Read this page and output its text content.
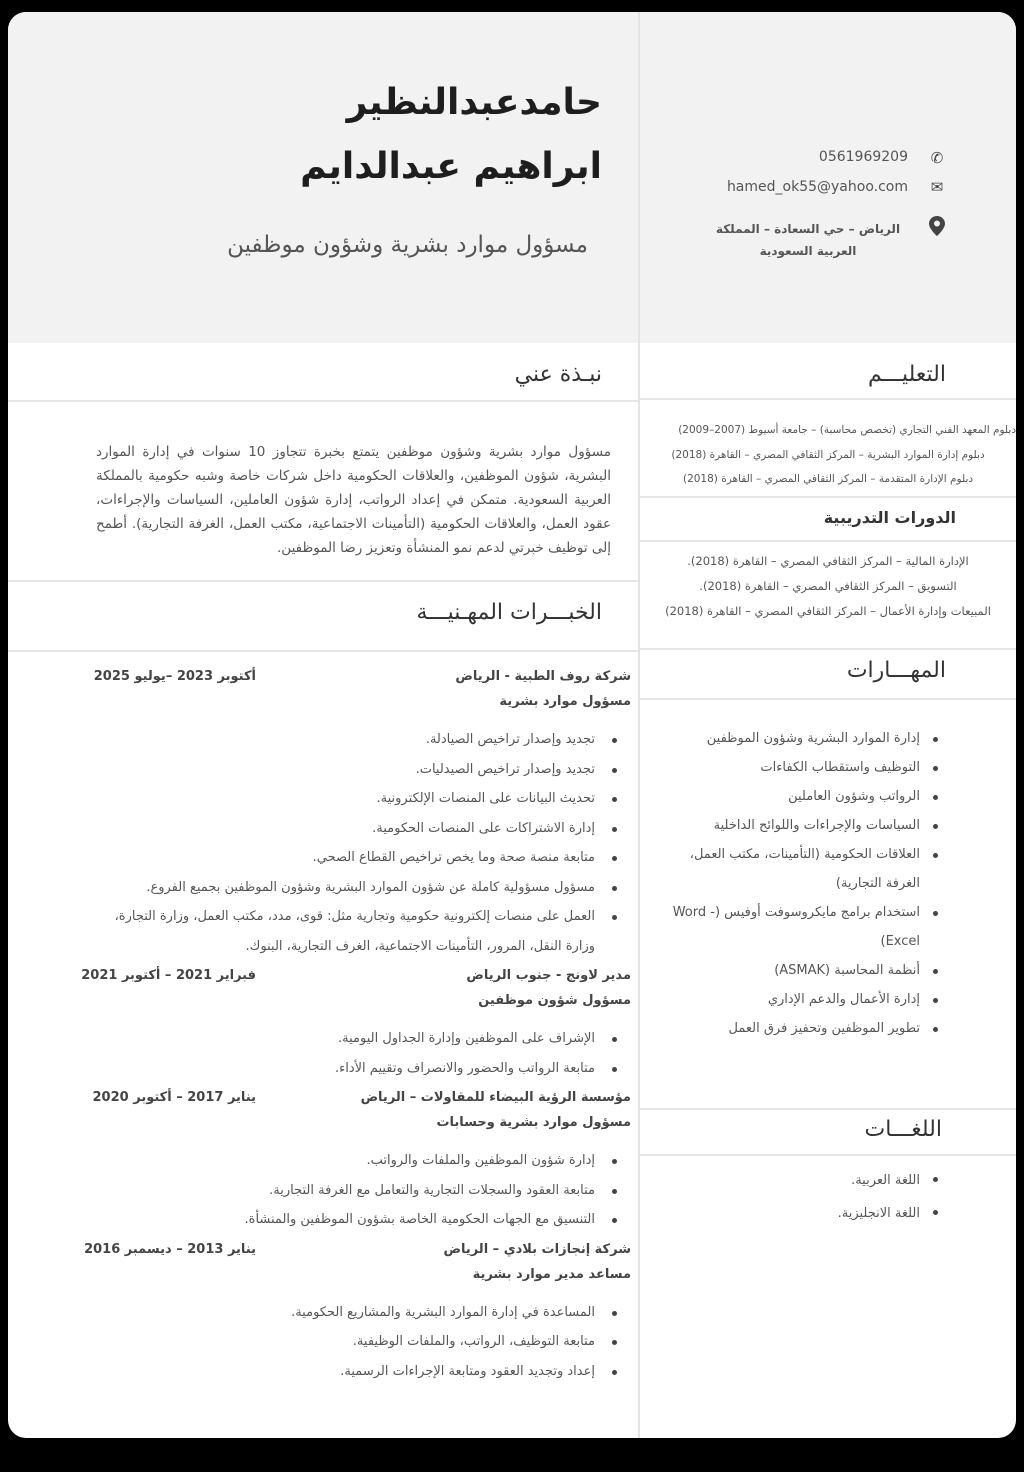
حامدعبدالنظير
ابراهيم عبدالدايم
مسؤول موارد بشرية وشؤون موظفين
0561969209 ✆
hamed_ok55@yahoo.com ✉
الرياض – حي السعادة – المملكة
العربية السعودية
نبـذة عني
مسؤول موارد بشرية وشؤون موظفين يتمتع بخبرة تتجاوز 10 سنوات في إدارة الموارد البشرية، شؤون الموظفين، والعلاقات الحكومية داخل شركات خاصة وشبه حكومية بالمملكة العربية السعودية. متمكن في إعداد الرواتب، إدارة شؤون العاملين، السياسات والإجراءات، عقود العمل، والعلاقات الحكومية (التأمينات الاجتماعية، مكتب العمل، الغرفة التجارية). أطمح إلى توظيف خبرتي لدعم نمو المنشأة وتعزيز رضا الموظفين.
التعليـــم
دبلوم المعهد الفني التجاري (تخصص محاسبة) – جامعة أسيوط (2007–2009)
دبلوم إدارة الموارد البشرية – المركز الثقافي المصري – القاهرة (2018)
دبلوم الإدارة المتقدمة – المركز الثقافي المصري – القاهرة (2018)
الدورات التدريبية
الإدارة المالية – المركز الثقافي المصري – القاهرة (2018).
التسويق – المركز الثقافي المصري – القاهرة (2018).
المبيعات وإدارة الأعمال – المركز الثقافي المصري – القاهرة (2018)
المهـــارات
إدارة الموارد البشرية وشؤون الموظفين
التوظيف واستقطاب الكفاءات
الرواتب وشؤون العاملين
السياسات والإجراءات واللوائح الداخلية
العلاقات الحكومية (التأمينات، مكتب العمل، الغرفة التجارية)
استخدام برامج مايكروسوفت أوفيس (Word - Excel)
أنظمة المحاسبة (ASMAK)
إدارة الأعمال والدعم الإداري
تطوير الموظفين وتحفيز فرق العمل
اللغـــات
اللغة العربية.
اللغة الانجليزية.
الخبـــرات المهـنيـــة
شركة روف الطبية - الرياض
أكتوبر 2023 –يوليو 2025
مسؤول موارد بشرية
تجديد وإصدار تراخيص الصيادلة.
تجديد وإصدار تراخيص الصيدليات.
تحديث البيانات على المنصات الإلكترونية.
إدارة الاشتراكات على المنصات الحكومية.
متابعة منصة صحة وما يخص تراخيص القطاع الصحي.
مسؤول مسؤولية كاملة عن شؤون الموارد البشرية وشؤون الموظفين بجميع الفروع.
العمل على منصات إلكترونية حكومية وتجارية مثل: قوى، مدد، مكتب العمل، وزارة التجارة، وزارة النقل، المرور، التأمينات الاجتماعية، الغرف التجارية، البنوك.
مدير لاونج - جنوب الرياض
فبراير 2021 – أكتوبر 2021
مسؤول شؤون موظفين
الإشراف على الموظفين وإدارة الجداول اليومية.
متابعة الرواتب والحضور والانصراف وتقييم الأداء.
مؤسسة الرؤية البيضاء للمقاولات – الرياض
يناير 2017 – أكتوبر 2020
مسؤول موارد بشرية وحسابات
إدارة شؤون الموظفين والملفات والرواتب.
متابعة العقود والسجلات التجارية والتعامل مع الغرفة التجارية.
التنسيق مع الجهات الحكومية الخاصة بشؤون الموظفين والمنشأة.
شركة إنجازات بلادي – الرياض
يناير 2013 – ديسمبر 2016
مساعد مدير موارد بشرية
المساعدة في إدارة الموارد البشرية والمشاريع الحكومية.
متابعة التوظيف، الرواتب، والملفات الوظيفية.
إعداد وتجديد العقود ومتابعة الإجراءات الرسمية.
